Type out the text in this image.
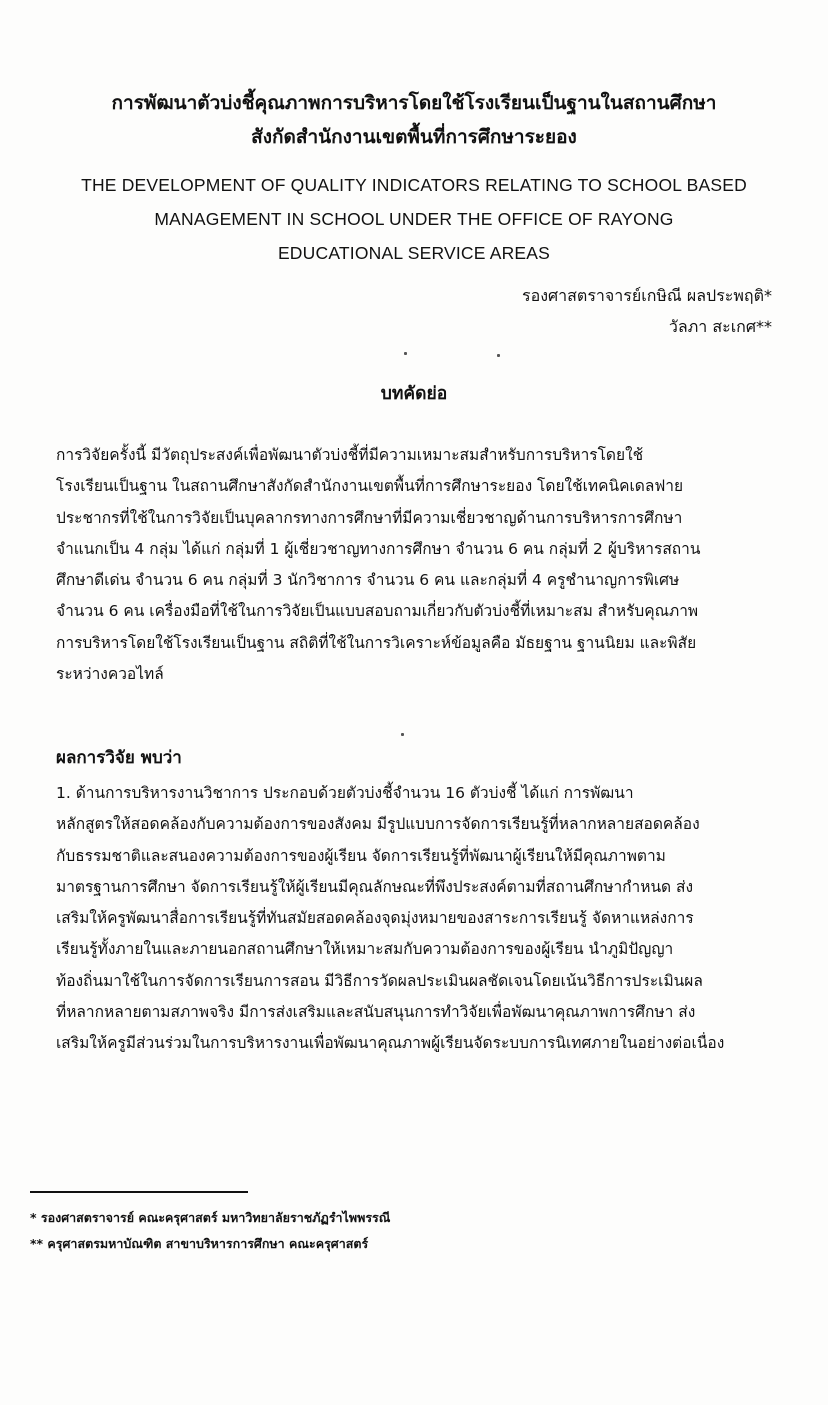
การพัฒนาตัวบ่งชี้คุณภาพการบริหารโดยใช้โรงเรียนเป็นฐานในสถานศึกษา
สังกัดสำนักงานเขตพื้นที่การศึกษาระยอง
THE DEVELOPMENT OF QUALITY INDICATORS RELATING TO SCHOOL BASED
MANAGEMENT IN SCHOOL UNDER THE OFFICE OF RAYONG
EDUCATIONAL SERVICE AREAS
รองศาสตราจารย์เกษิณี ผลประพฤติ*
วัลภา สะเกศ**
บทคัดย่อ
การวิจัยครั้งนี้ มีวัตถุประสงค์เพื่อพัฒนาตัวบ่งชี้ที่มีความเหมาะสมสำหรับการบริหารโดยใช้
โรงเรียนเป็นฐาน ในสถานศึกษาสังกัดสำนักงานเขตพื้นที่การศึกษาระยอง โดยใช้เทคนิคเดลฟาย
ประชากรที่ใช้ในการวิจัยเป็นบุคลากรทางการศึกษาที่มีความเชี่ยวชาญด้านการบริหารการศึกษา
จำแนกเป็น 4 กลุ่ม ได้แก่ กลุ่มที่ 1 ผู้เชี่ยวชาญทางการศึกษา จำนวน 6 คน กลุ่มที่ 2 ผู้บริหารสถาน
ศึกษาดีเด่น จำนวน 6 คน กลุ่มที่ 3 นักวิชาการ จำนวน 6 คน และกลุ่มที่ 4 ครูชำนาญการพิเศษ
จำนวน 6 คน เครื่องมือที่ใช้ในการวิจัยเป็นแบบสอบถามเกี่ยวกับตัวบ่งชี้ที่เหมาะสม สำหรับคุณภาพ
การบริหารโดยใช้โรงเรียนเป็นฐาน สถิติที่ใช้ในการวิเคราะห์ข้อมูลคือ มัธยฐาน ฐานนิยม และพิสัย
ระหว่างควอไทล์
ผลการวิจัย พบว่า
1. ด้านการบริหารงานวิชาการ ประกอบด้วยตัวบ่งชี้จำนวน 16 ตัวบ่งชี้ ได้แก่ การพัฒนา
หลักสูตรให้สอดคล้องกับความต้องการของสังคม มีรูปแบบการจัดการเรียนรู้ที่หลากหลายสอดคล้อง
กับธรรมชาติและสนองความต้องการของผู้เรียน จัดการเรียนรู้ที่พัฒนาผู้เรียนให้มีคุณภาพตาม
มาตรฐานการศึกษา จัดการเรียนรู้ให้ผู้เรียนมีคุณลักษณะที่พึงประสงค์ตามที่สถานศึกษากำหนด ส่ง
เสริมให้ครูพัฒนาสื่อการเรียนรู้ที่ทันสมัยสอดคล้องจุดมุ่งหมายของสาระการเรียนรู้ จัดหาแหล่งการ
เรียนรู้ทั้งภายในและภายนอกสถานศึกษาให้เหมาะสมกับความต้องการของผู้เรียน นำภูมิปัญญา
ท้องถิ่นมาใช้ในการจัดการเรียนการสอน มีวิธีการวัดผลประเมินผลชัดเจนโดยเน้นวิธีการประเมินผล
ที่หลากหลายตามสภาพจริง มีการส่งเสริมและสนับสนุนการทำวิจัยเพื่อพัฒนาคุณภาพการศึกษา ส่ง
เสริมให้ครูมีส่วนร่วมในการบริหารงานเพื่อพัฒนาคุณภาพผู้เรียนจัดระบบการนิเทศภายในอย่างต่อเนื่อง
* รองศาสตราจารย์ คณะครุศาสตร์ มหาวิทยาลัยราชภัฏรำไพพรรณี
** ครุศาสตรมหาบัณฑิต สาขาบริหารการศึกษา คณะครุศาสตร์
